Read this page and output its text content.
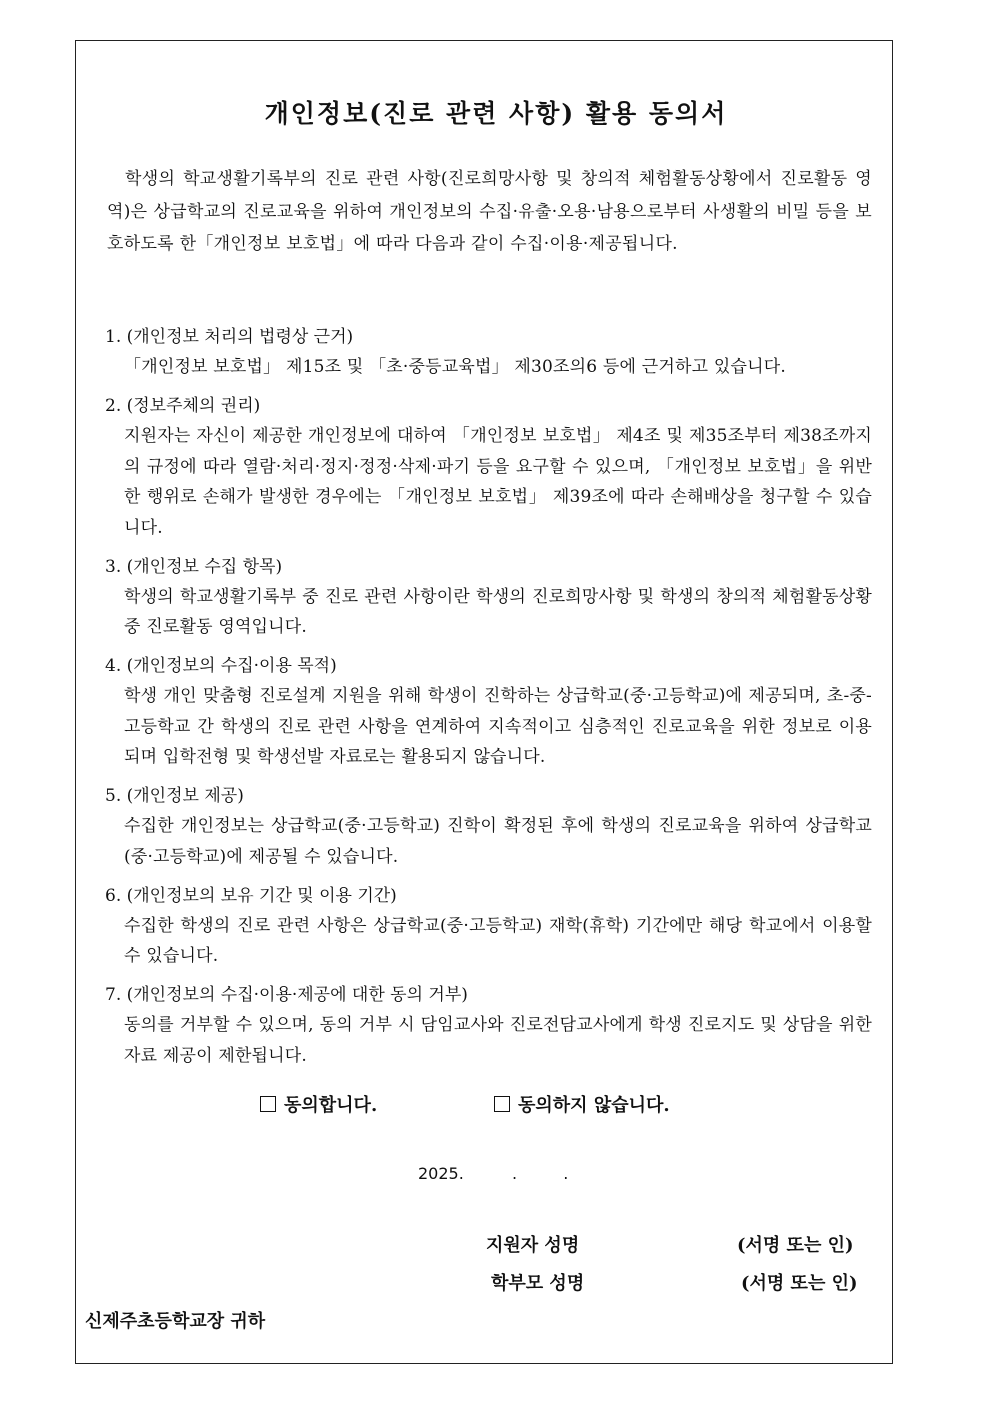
개인정보(진로 관련 사항) 활용 동의서
학생의 학교생활기록부의 진로 관련 사항(진로희망사항 및 창의적 체험활동상황에서 진로활동 영역)은 상급학교의 진로교육을 위하여 개인정보의 수집·유출·오용·남용으로부터 사생활의 비밀 등을 보호하도록 한「개인정보 보호법」에 따라 다음과 같이 수집·이용·제공됩니다.
1. (개인정보 처리의 법령상 근거)
「개인정보 보호법」 제15조 및 「초·중등교육법」 제30조의6 등에 근거하고 있습니다.
2. (정보주체의 권리)
지원자는 자신이 제공한 개인정보에 대하여 「개인정보 보호법」 제4조 및 제35조부터 제38조까지의 규정에 따라 열람·처리·정지·정정·삭제·파기 등을 요구할 수 있으며, 「개인정보 보호법」을 위반한 행위로 손해가 발생한 경우에는 「개인정보 보호법」 제39조에 따라 손해배상을 청구할 수 있습니다.
3. (개인정보 수집 항목)
학생의 학교생활기록부 중 진로 관련 사항이란 학생의 진로희망사항 및 학생의 창의적 체험활동상황 중 진로활동 영역입니다.
4. (개인정보의 수집·이용 목적)
학생 개인 맞춤형 진로설계 지원을 위해 학생이 진학하는 상급학교(중·고등학교)에 제공되며, 초-중-고등학교 간 학생의 진로 관련 사항을 연계하여 지속적이고 심층적인 진로교육을 위한 정보로 이용되며 입학전형 및 학생선발 자료로는 활용되지 않습니다.
5. (개인정보 제공)
수집한 개인정보는 상급학교(중·고등학교) 진학이 확정된 후에 학생의 진로교육을 위하여 상급학교(중·고등학교)에 제공될 수 있습니다.
6. (개인정보의 보유 기간 및 이용 기간)
수집한 학생의 진로 관련 사항은 상급학교(중·고등학교) 재학(휴학) 기간에만 해당 학교에서 이용할 수 있습니다.
7. (개인정보의 수집·이용·제공에 대한 동의 거부)
동의를 거부할 수 있으며, 동의 거부 시 담임교사와 진로전담교사에게 학생 진로지도 및 상담을 위한 자료 제공이 제한됩니다.
동의합니다.	동의하지 않습니다.
2025.	.	.
지원자 성명	(서명 또는 인)
학부모 성명	(서명 또는 인)
신제주초등학교장 귀하
